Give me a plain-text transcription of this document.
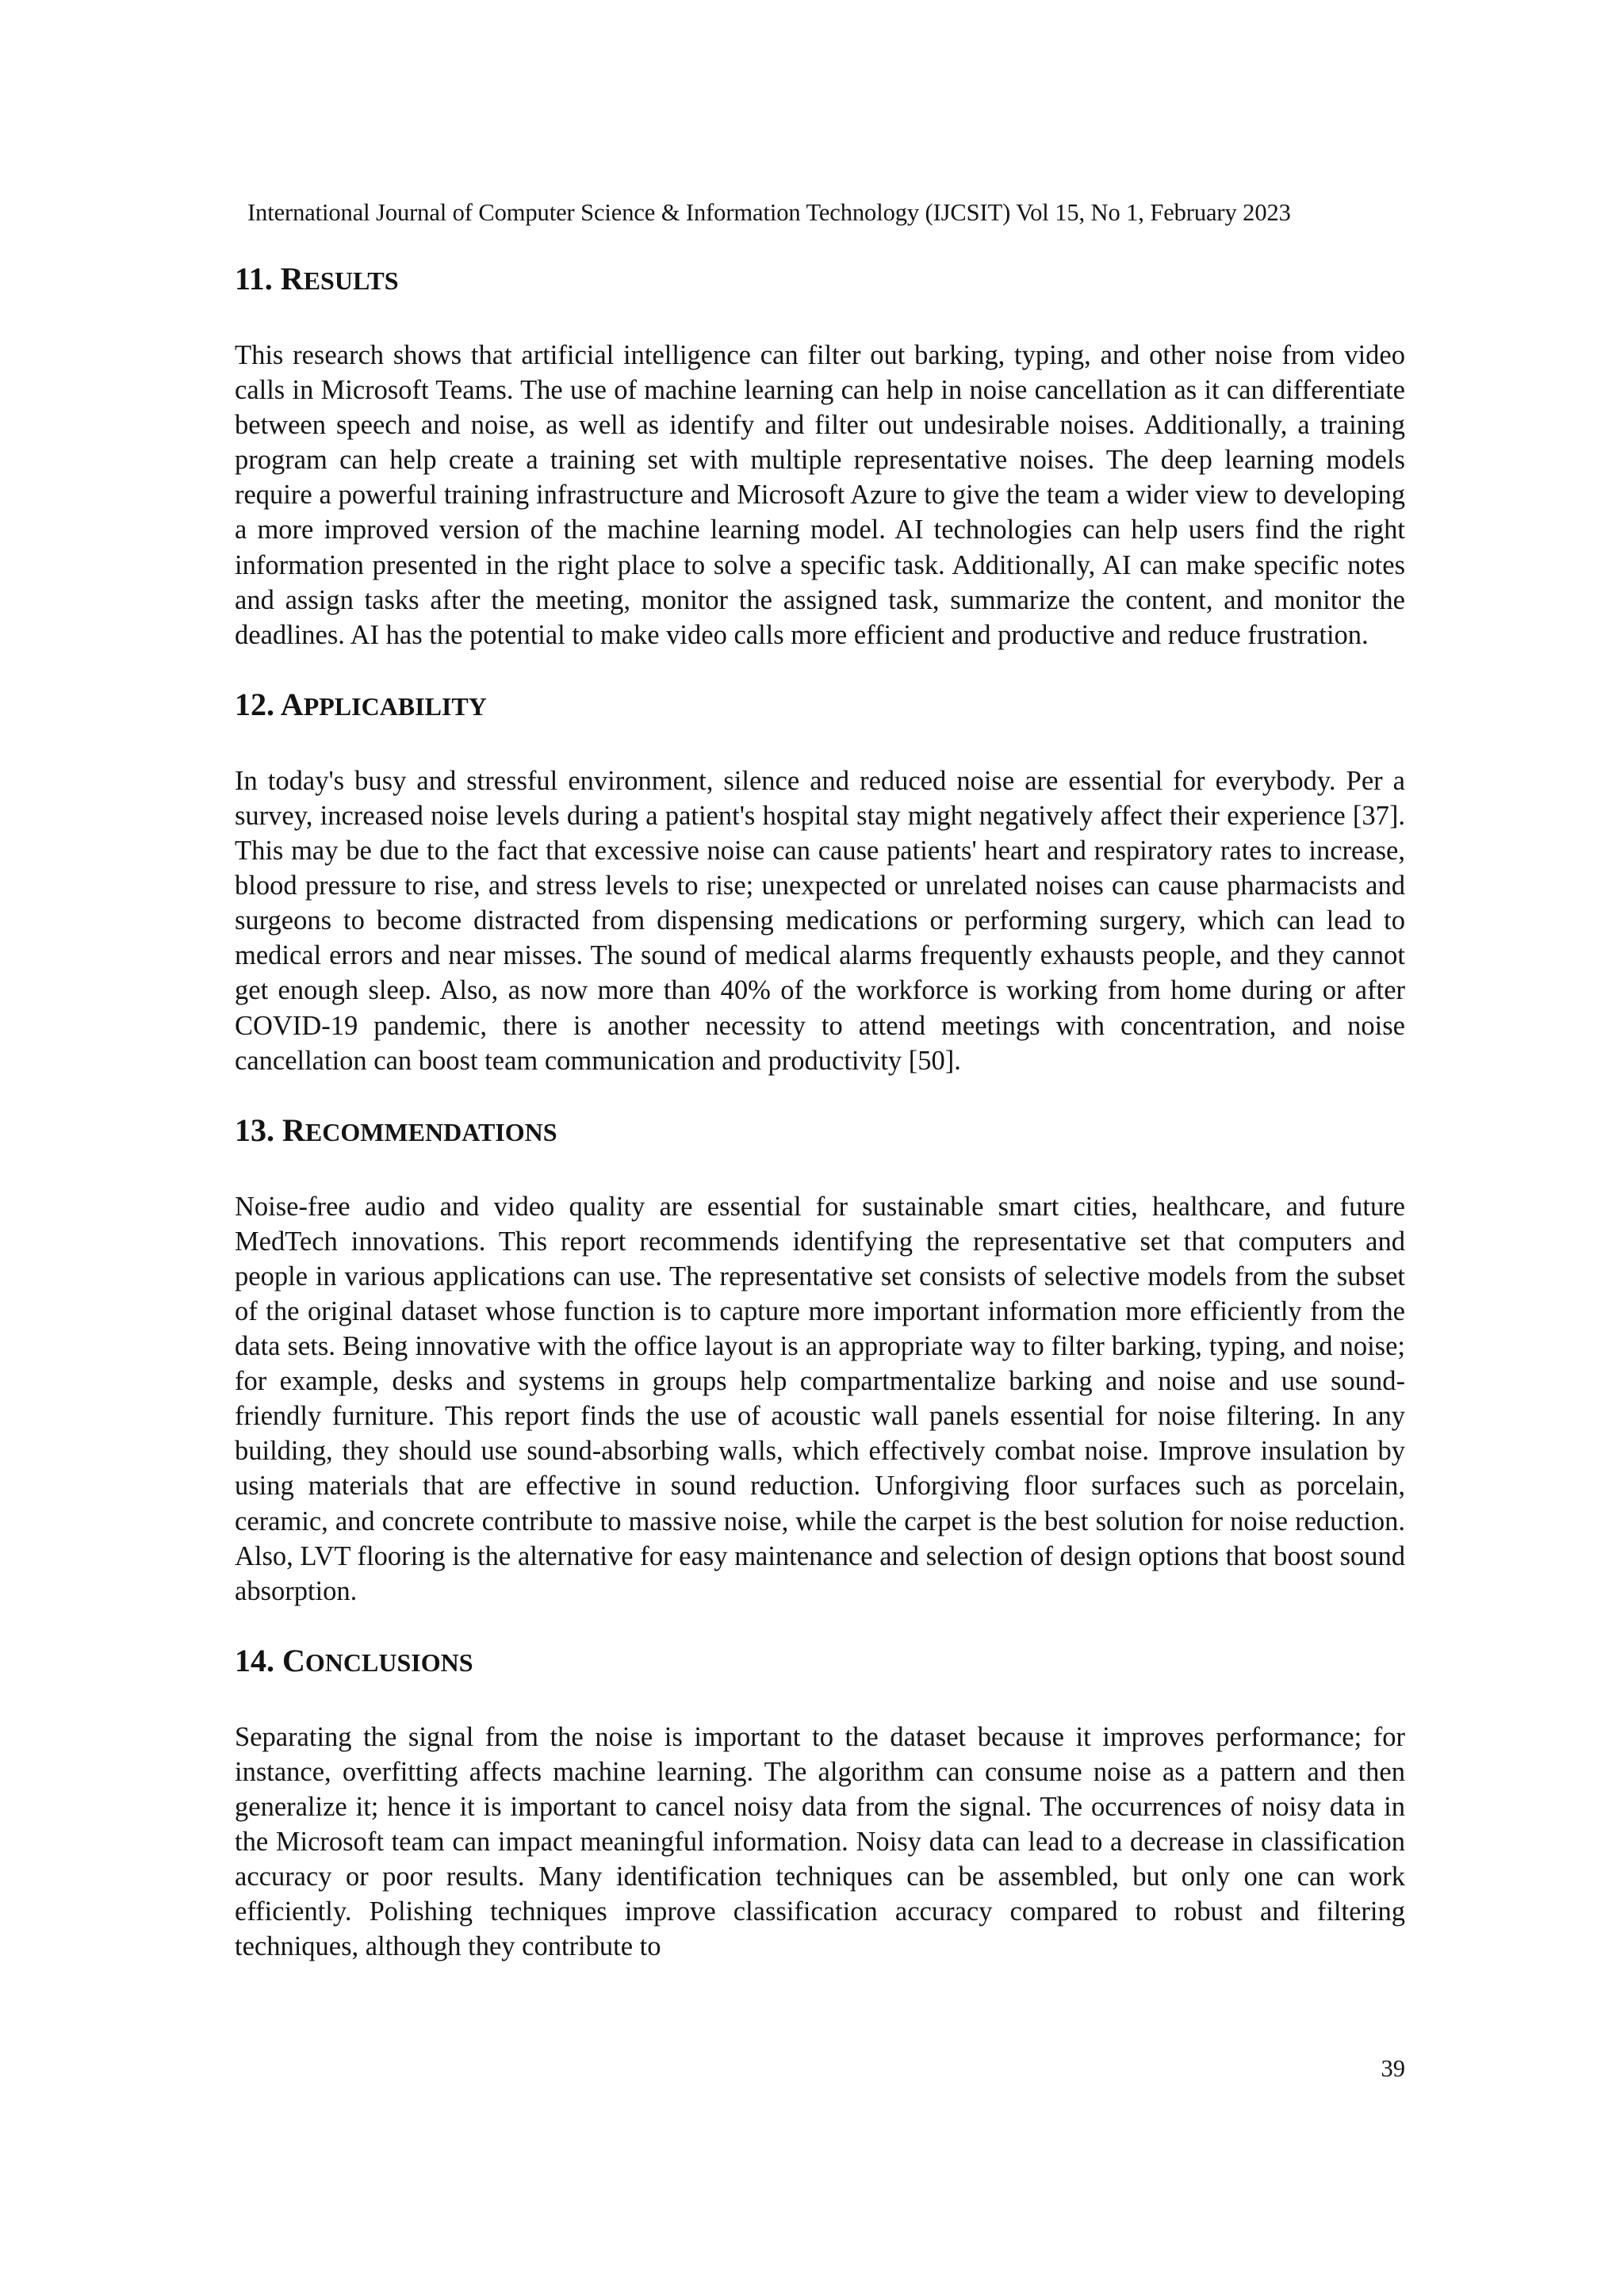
International Journal of Computer Science & Information Technology (IJCSIT) Vol 15, No 1, February 2023
11. RESULTS

This research shows that artificial intelligence can filter out barking, typing, and other noise from video calls in Microsoft Teams. The use of machine learning can help in noise cancellation as it can differentiate between speech and noise, as well as identify and filter out undesirable noises. Additionally, a training program can help create a training set with multiple representative noises. The deep learning models require a powerful training infrastructure and Microsoft Azure to give the team a wider view to developing a more improved version of the machine learning model. AI technologies can help users find the right information presented in the right place to solve a specific task. Additionally, AI can make specific notes and assign tasks after the meeting, monitor the assigned task, summarize the content, and monitor the deadlines. AI has the potential to make video calls more efficient and productive and reduce frustration.

12. APPLICABILITY

In today's busy and stressful environment, silence and reduced noise are essential for everybody. Per a survey, increased noise levels during a patient's hospital stay might negatively affect their experience [37]. This may be due to the fact that excessive noise can cause patients' heart and respiratory rates to increase, blood pressure to rise, and stress levels to rise; unexpected or unrelated noises can cause pharmacists and surgeons to become distracted from dispensing medications or performing surgery, which can lead to medical errors and near misses. The sound of medical alarms frequently exhausts people, and they cannot get enough sleep. Also, as now more than 40% of the workforce is working from home during or after COVID-19 pandemic, there is another necessity to attend meetings with concentration, and noise cancellation can boost team communication and productivity [50].

13. RECOMMENDATIONS

Noise-free audio and video quality are essential for sustainable smart cities, healthcare, and future MedTech innovations. This report recommends identifying the representative set that computers and people in various applications can use. The representative set consists of selective models from the subset of the original dataset whose function is to capture more important information more efficiently from the data sets. Being innovative with the office layout is an appropriate way to filter barking, typing, and noise; for example, desks and systems in groups help compartmentalize barking and noise and use sound-friendly furniture. This report finds the use of acoustic wall panels essential for noise filtering. In any building, they should use sound-absorbing walls, which effectively combat noise. Improve insulation by using materials that are effective in sound reduction. Unforgiving floor surfaces such as porcelain, ceramic, and concrete contribute to massive noise, while the carpet is the best solution for noise reduction. Also, LVT flooring is the alternative for easy maintenance and selection of design options that boost sound absorption.

14. CONCLUSIONS

Separating the signal from the noise is important to the dataset because it improves performance; for instance, overfitting affects machine learning. The algorithm can consume noise as a pattern and then generalize it; hence it is important to cancel noisy data from the signal. The occurrences of noisy data in the Microsoft team can impact meaningful information. Noisy data can lead to a decrease in classification accuracy or poor results. Many identification techniques can be assembled, but only one can work efficiently. Polishing techniques improve classification accuracy compared to robust and filtering techniques, although they contribute to

39
